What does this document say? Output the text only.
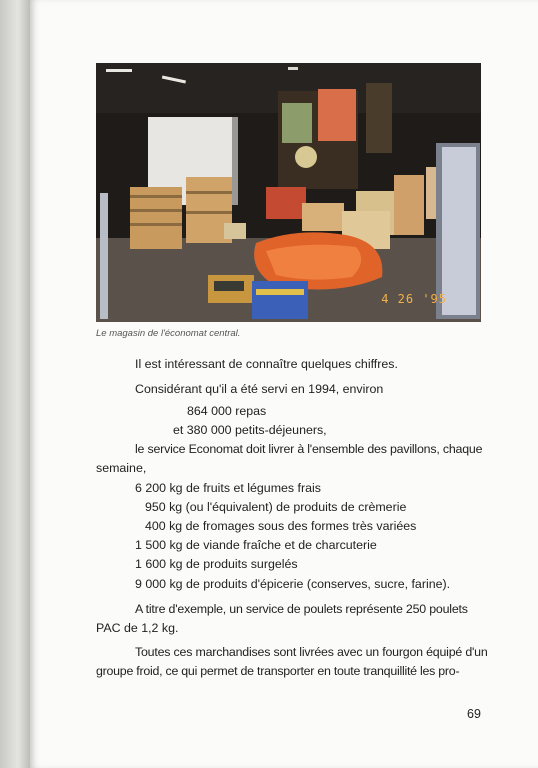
4 26 '95
Le magasin de l'économat central.
Il est intéressant de connaître quelques chiffres.
Considérant qu'il a été servi en 1994, environ
864 000 repas
et 380 000 petits-déjeuners,
le service Economat doit livrer à l'ensemble des pavillons, chaque
semaine,
6 200 kg de fruits et légumes frais
950 kg (ou l'équivalent) de produits de crèmerie
400 kg de fromages sous des formes très variées
1 500 kg de viande fraîche et de charcuterie
1 600 kg de produits surgelés
9 000 kg de produits d'épicerie (conserves, sucre, farine).
A titre d'exemple, un service de poulets représente 250 poulets
PAC de 1,2 kg.
Toutes ces marchandises sont livrées avec un fourgon équipé d'un
groupe froid, ce qui permet de transporter en toute tranquillité les pro-
69
